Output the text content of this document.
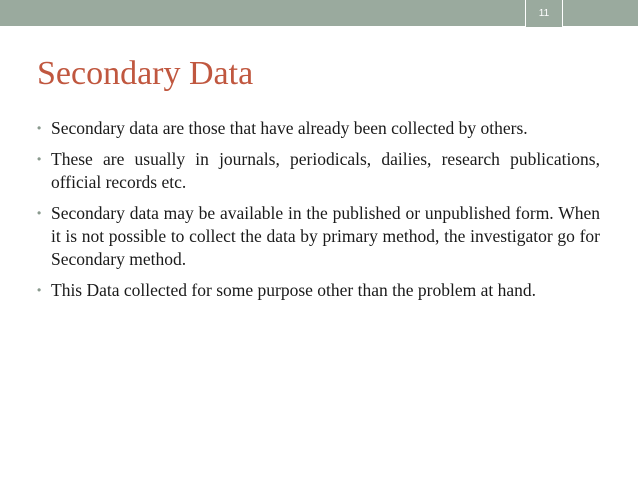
11
Secondary Data
• Secondary data are those that have already been collected by others.
• These are usually in journals, periodicals, dailies, research publications, official records etc.
• Secondary data may be available in the published or unpublished form. When it is not possible to collect the data by primary method, the investigator go for Secondary method.
• This Data collected for some purpose other than the problem at hand.
